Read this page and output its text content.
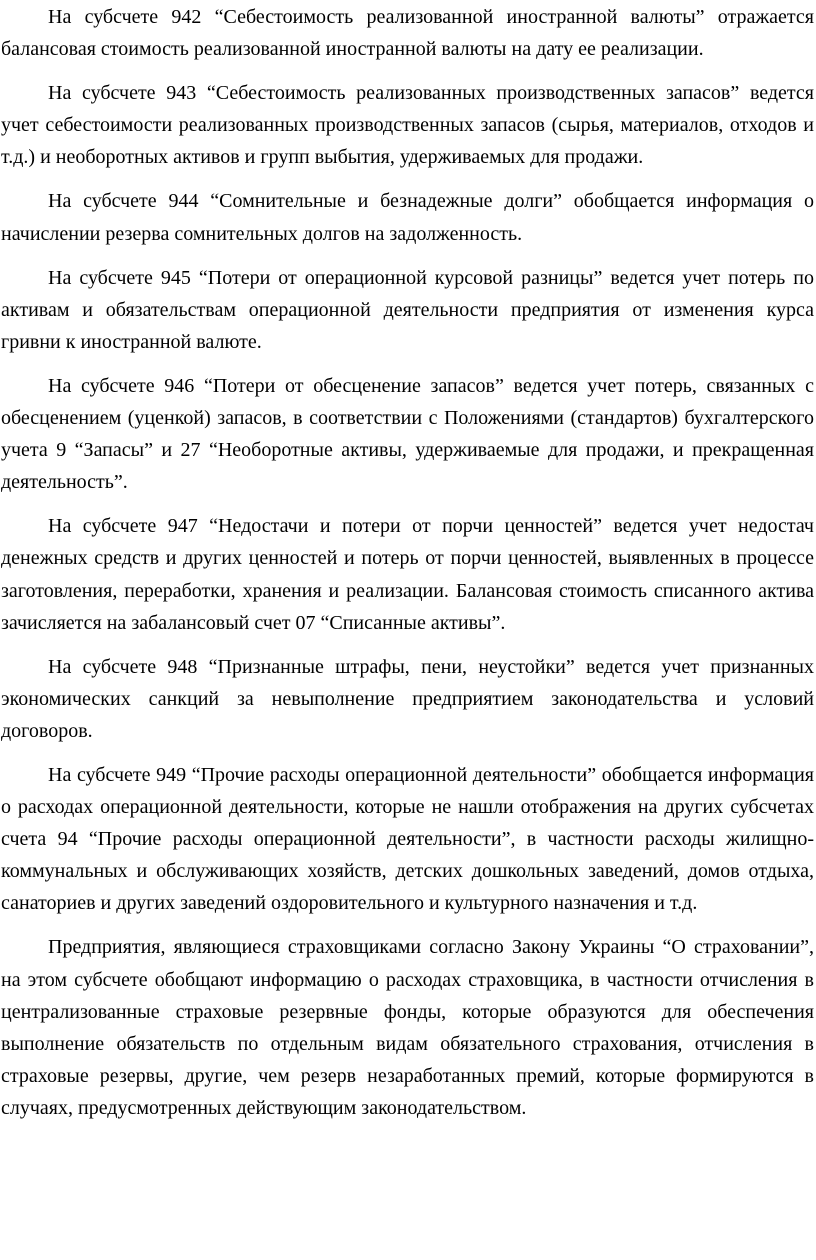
На субсчете 942 “Себестоимость реализованной иностранной валюты” отражается балансовая стоимость реализованной иностранной валюты на дату ее реализации.

На субсчете 943 “Себестоимость реализованных производственных запасов” ведется учет себестоимости реализованных производственных запасов (сырья, материалов, отходов и т.д.) и необоротных активов и групп выбытия, удерживаемых для продажи.

На субсчете 944 “Сомнительные и безнадежные долги” обобщается информация о начислении резерва сомнительных долгов на задолженность.

На субсчете 945 “Потери от операционной курсовой разницы” ведется учет потерь по активам и обязательствам операционной деятельности предприятия от изменения курса гривни к иностранной валюте.

На субсчете 946 “Потери от обесценение запасов” ведется учет потерь, связанных с обесценением (уценкой) запасов, в соответствии с Положениями (стандартов) бухгалтерского учета 9 “Запасы” и 27 “Необоротные активы, удерживаемые для продажи, и прекращенная деятельность”.

На субсчете 947 “Недостачи и потери от порчи ценностей” ведется учет недостач денежных средств и других ценностей и потерь от порчи ценностей, выявленных в процессе заготовления, переработки, хранения и реализации. Балансовая стоимость списанного актива зачисляется на забалансовый счет 07 “Списанные активы”.

На субсчете 948 “Признанные штрафы, пени, неустойки” ведется учет признанных экономических санкций за невыполнение предприятием законодательства и условий договоров.

На субсчете 949 “Прочие расходы операционной деятельности” обобщается информация о расходах операционной деятельности, которые не нашли отображения на других субсчетах счета 94 “Прочие расходы операционной деятельности”, в частности расходы жилищно-коммунальных и обслуживающих хозяйств, детских дошкольных заведений, домов отдыха, санаториев и других заведений оздоровительного и культурного назначения и т.д.

Предприятия, являющиеся страховщиками согласно Закону Украины “О страховании”, на этом субсчете обобщают информацию о расходах страховщика, в частности отчисления в централизованные страховые резервные фонды, которые образуются для обеспечения выполнение обязательств по отдельным видам обязательного страхования, отчисления в страховые резервы, другие, чем резерв незаработанных премий, которые формируются в случаях, предусмотренных действующим законодательством.
